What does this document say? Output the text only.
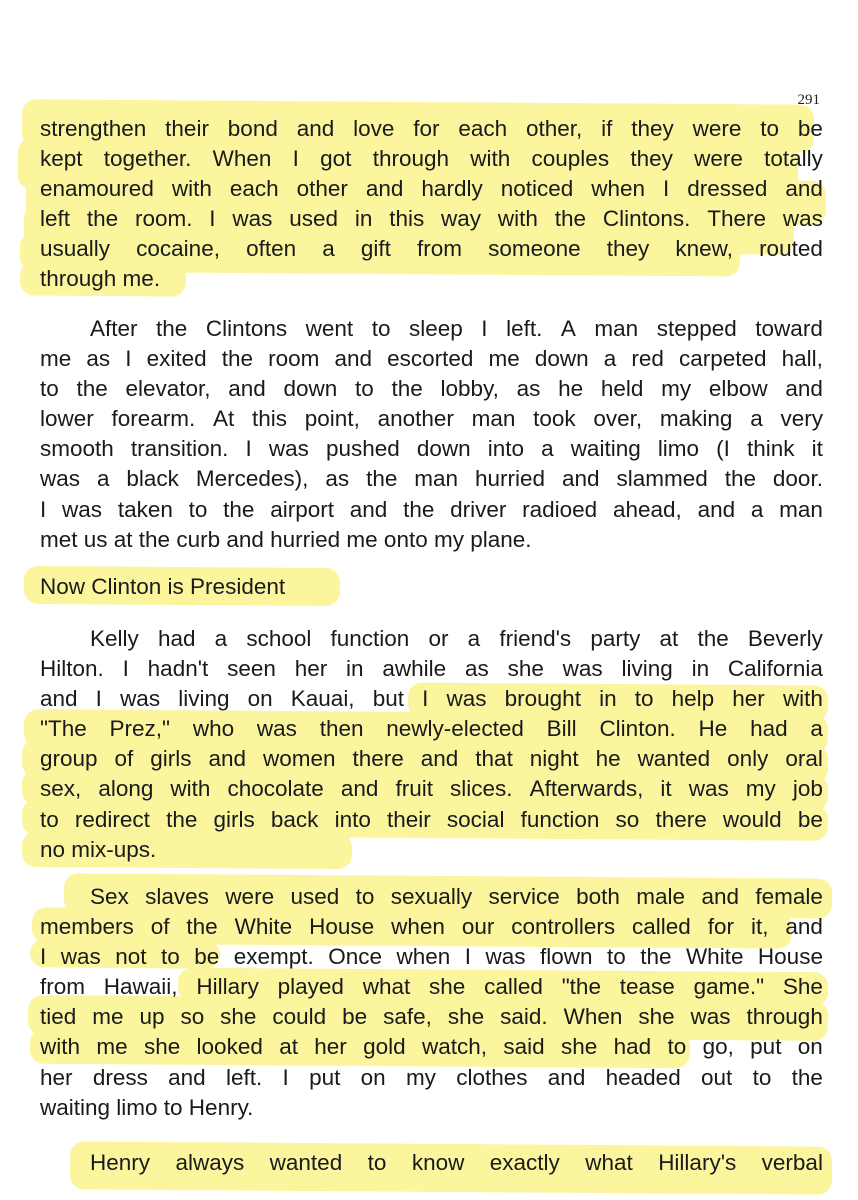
291

strengthen their bond and love for each other, if they were to be
kept together. When I got through with couples they were totally
enamoured with each other and hardly noticed when I dressed and
left the room. I was used in this way with the Clintons. There was
usually cocaine, often a gift from someone they knew, routed
through me.

After the Clintons went to sleep I left. A man stepped toward
me as I exited the room and escorted me down a red carpeted hall,
to the elevator, and down to the lobby, as he held my elbow and
lower forearm. At this point, another man took over, making a very
smooth transition. I was pushed down into a waiting limo (I think it
was a black Mercedes), as the man hurried and slammed the door.
I was taken to the airport and the driver radioed ahead, and a man
met us at the curb and hurried me onto my plane.

Now Clinton is President

Kelly had a school function or a friend's party at the Beverly
Hilton. I hadn't seen her in awhile as she was living in California
and I was living on Kauai, but I was brought in to help her with
"The Prez," who was then newly-elected Bill Clinton. He had a
group of girls and women there and that night he wanted only oral
sex, along with chocolate and fruit slices. Afterwards, it was my job
to redirect the girls back into their social function so there would be
no mix-ups.

Sex slaves were used to sexually service both male and female
members of the White House when our controllers called for it, and
I was not to be exempt. Once when I was flown to the White House
from Hawaii, Hillary played what she called "the tease game." She
tied me up so she could be safe, she said. When she was through
with me she looked at her gold watch, said she had to go, put on
her dress and left. I put on my clothes and headed out to the
waiting limo to Henry.

Henry always wanted to know exactly what Hillary's verbal
